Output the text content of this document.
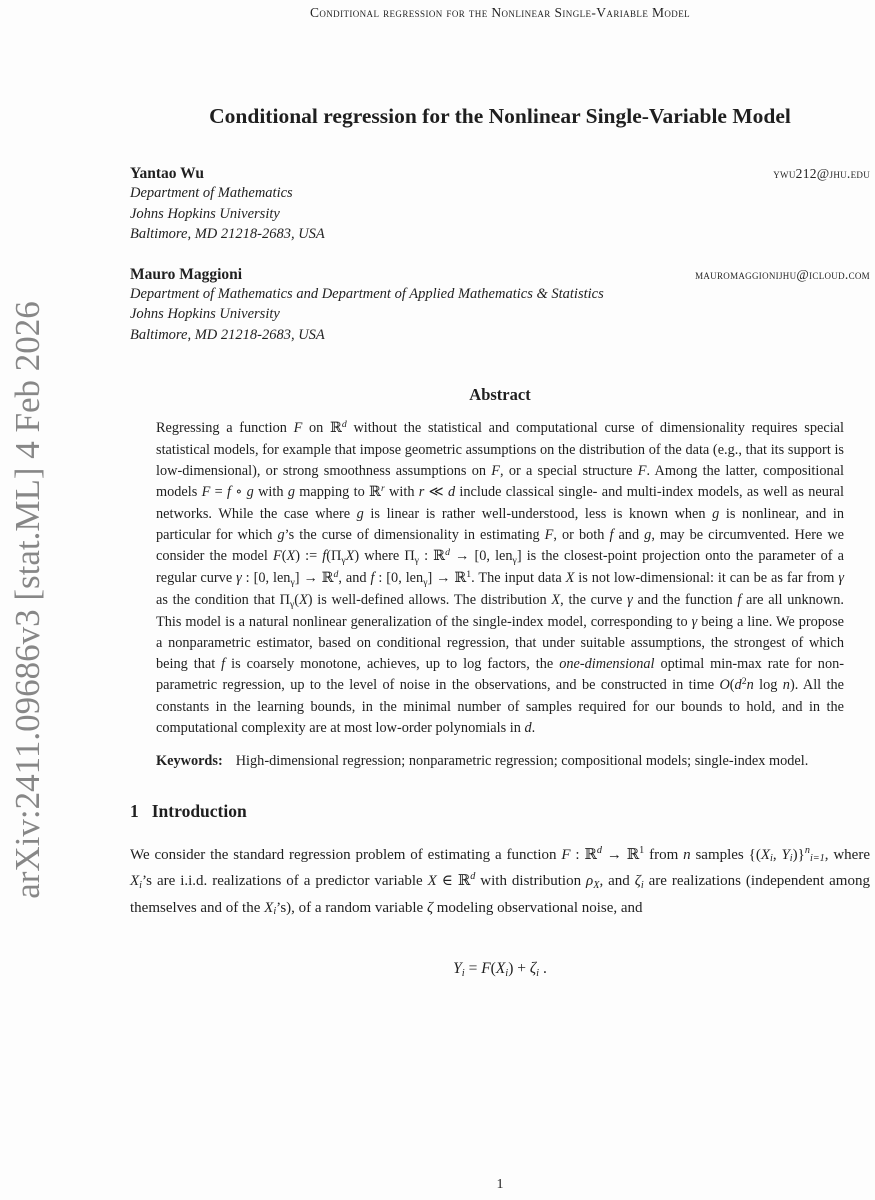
arXiv:2411.09686v3 [stat.ML] 4 Feb 2026
Conditional regression for the Nonlinear Single-Variable Model
Conditional regression for the Nonlinear Single-Variable Model
Yantao Wu	ywu212@jhu.edu
Department of Mathematics
Johns Hopkins University
Baltimore, MD 21218-2683, USA
Mauro Maggioni	mauromaggionijhu@icloud.com
Department of Mathematics and Department of Applied Mathematics & Statistics
Johns Hopkins University
Baltimore, MD 21218-2683, USA
Abstract

Regressing a function F on ℝ$^d$ without the statistical and computational curse of dimensionality requires special statistical models, for example that impose geometric assumptions on the distribution of the data (e.g., that its support is low-dimensional), or strong smoothness assumptions on F, or a special structure F. Among the latter, compositional models F = f ∘ g with g mapping to ℝ$^r$ with r ≪ d include classical single- and multi-index models, as well as neural networks. While the case where g is linear is rather well-understood, less is known when g is nonlinear, and in particular for which g’s the curse of dimensionality in estimating F, or both f and g, may be circumvented. Here we consider the model F(X) := f(ΠγX) where Πγ : ℝ$^d$ → [0, lenγ] is the closest-point projection onto the parameter of a regular curve γ : [0, lenγ] → ℝ$^d$, and f : [0, lenγ] → ℝ$^1$. The input data X is not low-dimensional: it can be as far from γ as the condition that Πγ(X) is well-defined allows. The distribution X, the curve γ and the function f are all unknown. This model is a natural nonlinear generalization of the single-index model, corresponding to γ being a line. We propose a nonparametric estimator, based on conditional regression, that under suitable assumptions, the strongest of which being that f is coarsely monotone, achieves, up to log factors, the one-dimensional optimal min-max rate for non-parametric regression, up to the level of noise in the observations, and be constructed in time $O(d^2n$ log n). All the constants in the learning bounds, in the minimal number of samples required for our bounds to hold, and in the computational complexity are at most low-order polynomials in d.

Keywords: High-dimensional regression; nonparametric regression; compositional models; single-index model.

1 Introduction

We consider the standard regression problem of estimating a function F : ℝ$^d$ → ℝ$^1$ from n samples {(Xi, Yi)}$^n$i=1, where Xi’s are i.i.d. realizations of a predictor variable X ∈ ℝ$^d$ with distribution ρX, and ζi are realizations (independent among themselves and of the Xi’s), of a random variable ζ modeling observational noise, and

Yi = F(Xi) + ζi .
1
